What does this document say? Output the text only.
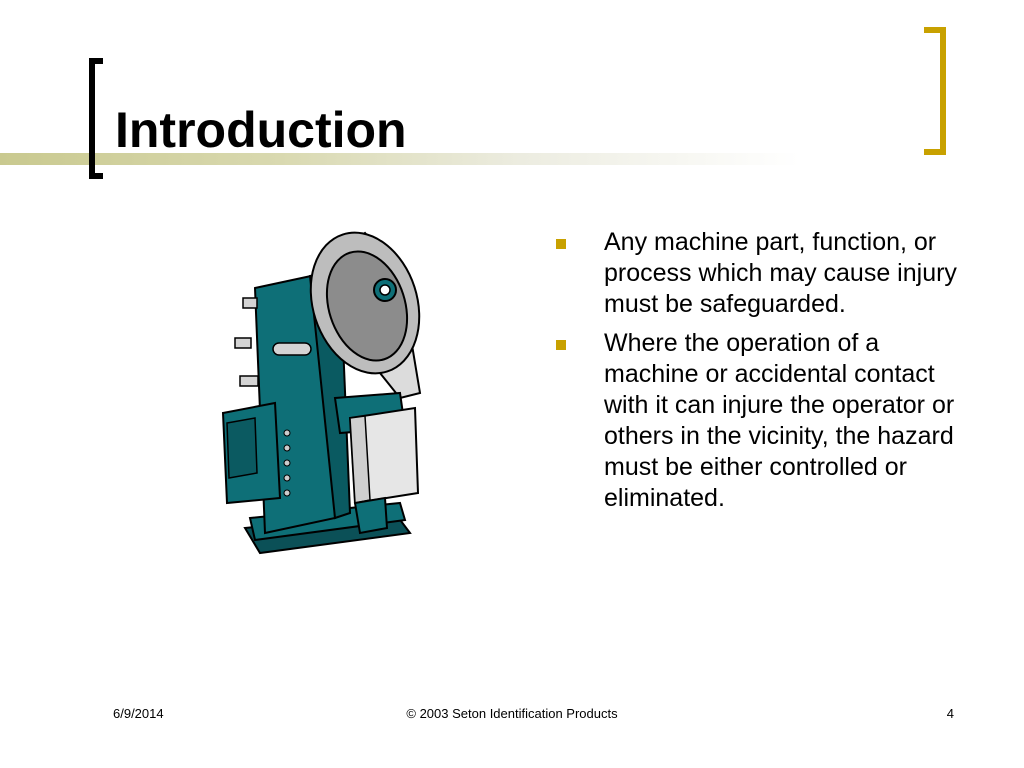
Introduction
Any machine part, function, or process which may cause injury must be safeguarded.
Where the operation of a machine or accidental contact with it can injure the operator or others in the vicinity, the hazard must be either controlled or eliminated.
6/9/2014	© 2003 Seton Identification Products	4
